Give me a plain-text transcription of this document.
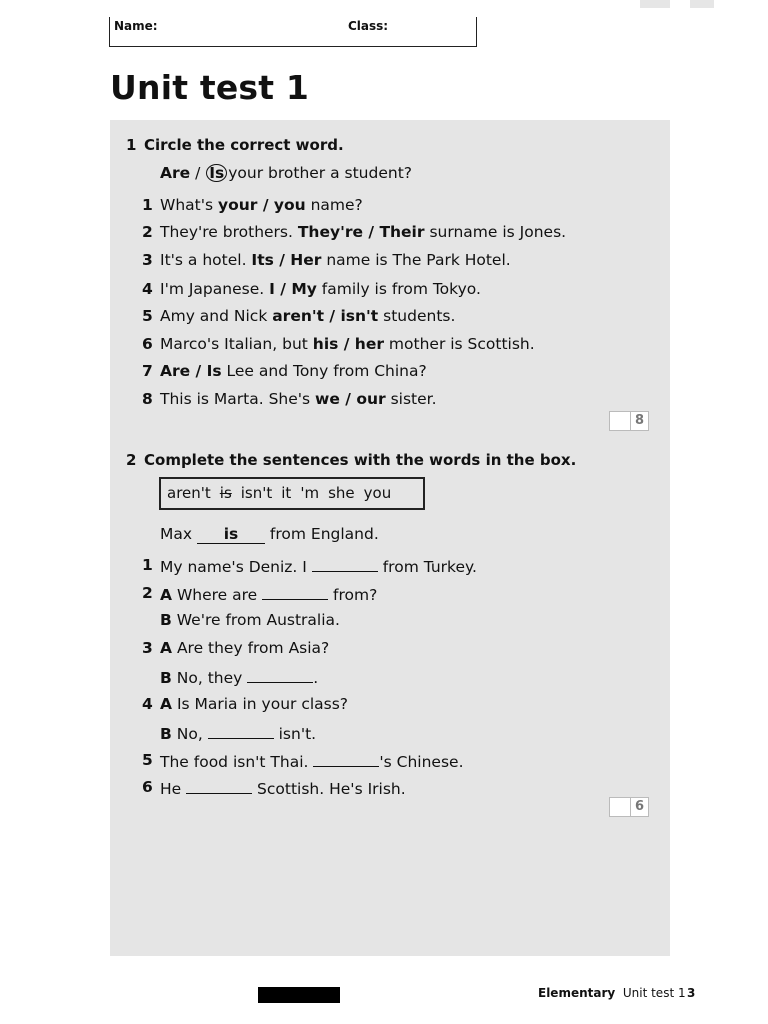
Name:	Class:
Unit test 1
1 Circle the correct word.
Are / Is your brother a student?
1 What's your / you name?
2 They're brothers. They're / Their surname is Jones.
3 It's a hotel. Its / Her name is The Park Hotel.
4 I'm Japanese. I / My family is from Tokyo.
5 Amy and Nick aren't / isn't students.
6 Marco's Italian, but his / her mother is Scottish.
7 Are / Is Lee and Tony from China?
8 This is Marta. She's we / our sister.
8
2 Complete the sentences with the words in the box.
aren't is isn't it 'm she you
Max is from England.
1 My name's Deniz. I	from Turkey.
2 A Where are	from?
B We're from Australia.
3 A Are they from Asia?
B No, they	.
4 A Is Maria in your class?
B No,	isn't.
5 The food isn't Thai.	's Chinese.
6 He	Scottish. He's Irish.
6
Elementary Unit test 1 3
